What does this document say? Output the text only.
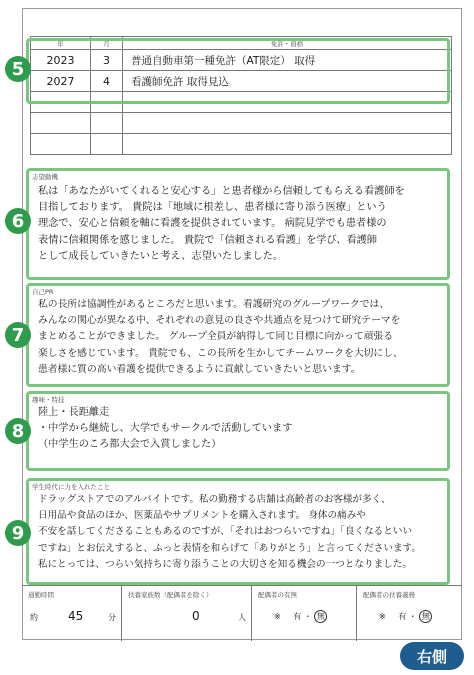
年	月	免許・資格
2023	3	普通自動車第一種免許（AT限定） 取得
2027	4	看護師免許 取得見込

5
6
7
8
9
志望動機
私は「あなたがいてくれると安心する」と患者様から信頼してもらえる看護師を
目指しております。 貴院は「地域に根差し、患者様に寄り添う医療」という
理念で、安心と信頼を軸に看護を提供されています。 病院見学でも患者様の
表情に信頼関係を感じました。 貴院で「信頼される看護」を学び、看護師
として成長していきたいと考え、志望いたしました。
自己PR
私の長所は協調性があるところだと思います。看護研究のグループワークでは、
みんなの関心が異なる中、それぞれの意見の良さや共通点を見つけて研究テーマを
まとめることができました。 グループ全員が納得して同じ目標に向かって頑張る
楽しさを感じています。 貴院でも、この長所を生かしてチームワークを大切にし、
患者様に質の高い看護を提供できるように貢献していきたいと思います。
趣味・特技
陸上・長距離走
・中学から継続し、大学でもサークルで活動しています
（中学生のころ都大会で入賞しました）
学生時代に力を入れたこと
ドラッグストアでのアルバイトです。私の勤務する店舗は高齢者のお客様が多く、
日用品や食品のほか、医薬品やサプリメントを購入されます。 身体の痛みや
不安を話してくださることもあるのですが、「それはおつらいですね」「良くなるといい
ですね」とお伝えすると、ふっと表情を和らげて「ありがとう」と言ってくださいます。
私にとっては、つらい気持ちに寄り添うことの大切さを知る機会の一つとなりました。
通勤時間
約	45	分
扶養家族数（配偶者を除く）
0	人
配偶者の有無
※ 有 ・ 無
配偶者の扶養義務
※ 有 ・ 無
右側
